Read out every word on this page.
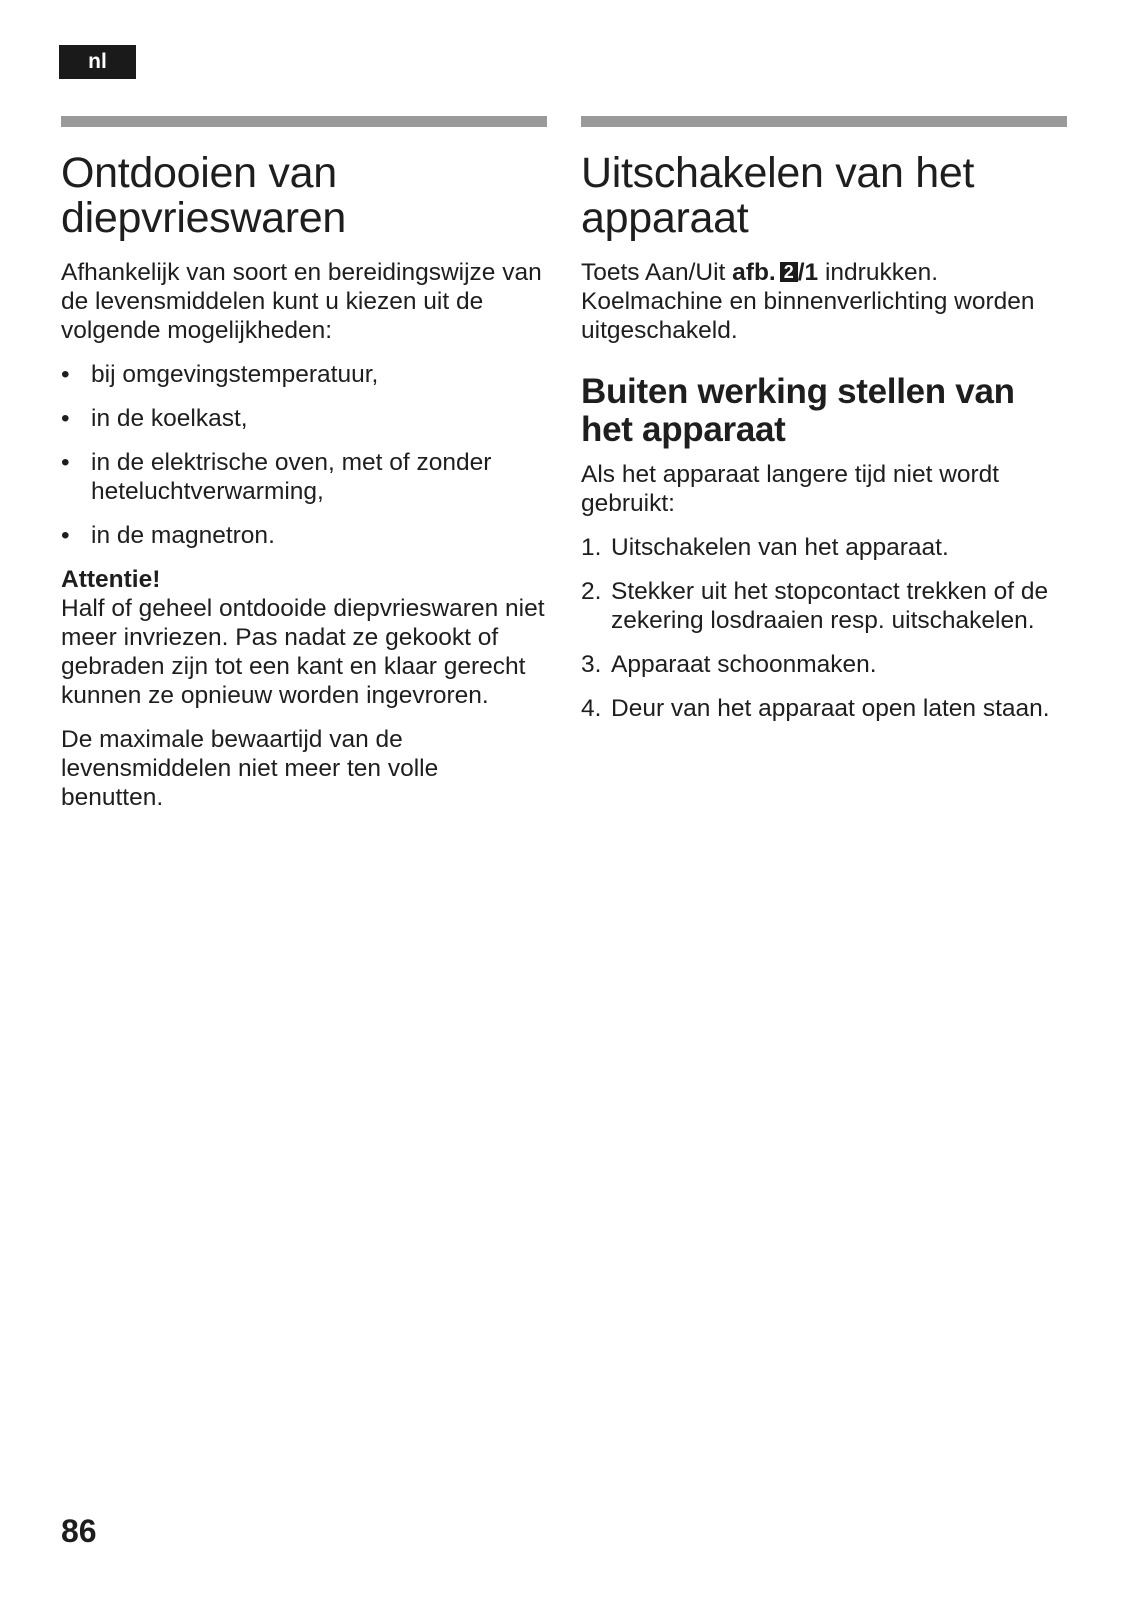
nl
Ontdooien van diepvrieswaren

Afhankelijk van soort en bereidingswijze van de levensmiddelen kunt u kiezen uit de volgende mogelijkheden:

• bij omgevingstemperatuur,
• in de koelkast,
• in de elektrische oven, met of zonder heteluchtverwarming,
• in de magnetron.
Attentie!

Half of geheel ontdooide diepvrieswaren niet meer invriezen. Pas nadat ze gekookt of gebraden zijn tot een kant en klaar gerecht kunnen ze opnieuw worden ingevroren.

De maximale bewaartijd van de levensmiddelen niet meer ten volle benutten.

Uitschakelen van het apparaat

Toets Aan/Uit afb. 2 /1 indrukken. Koelmachine en binnenverlichting worden uitgeschakeld.

Buiten werking stellen van het apparaat

Als het apparaat langere tijd niet wordt gebruikt:

1. Uitschakelen van het apparaat.
2. Stekker uit het stopcontact trekken of de zekering losdraaien resp. uitschakelen.
3. Apparaat schoonmaken.
4. Deur van het apparaat open laten staan.
86
